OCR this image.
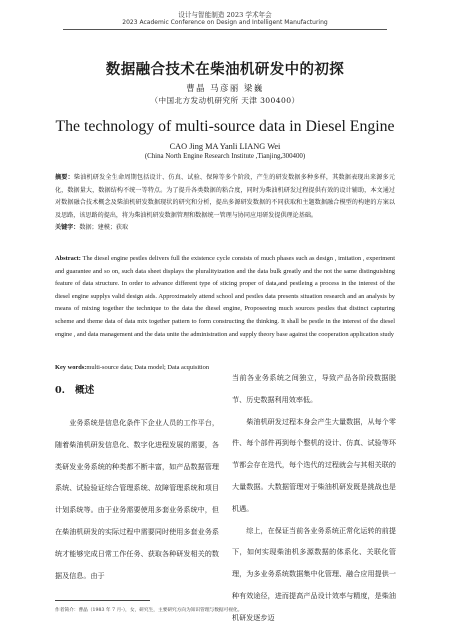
设计与智能制造 2023 学术年会
2023 Academic Conference on Design and Intelligent Manufacturing
数据融合技术在柴油机研发中的初探
曹晶 马彦丽 梁巍
（中国北方发动机研究所 天津 300400）
The technology of multi-source data in Diesel Engine
CAO Jing MA Yanli LIANG Wei
(China North Engine Research Institute ,Tianjing,300400)
摘要：柴油机研发全生命周期包括设计、仿真、试验、保障等多个阶段，产生的研发数据多种多样，其数据表现出来源多元化，数据量大，数据结构不统一等特点。为了提升各类数据的粘合度，同时为柴油机研发过程提供有效的设计辅助，本文通过对数据融合技术概念及柴油机研发数据现状的研究和分析，提出多源研发数据的不同获取和主题数据融合模型的构建的方案以及思路，该思路的提出，将为柴油机研发数据管理和数据统一管理与协同应用研发提供理论基础。
关键字：数据；建模；获取
Abstract: The diesel engine pestles delivers full the existence cycle consists of much phases such as design , imitation , experiment and guarantee and so on, such data sheet displays the pluralityization and the data bulk greatly and the not the same distinguishing feature of data structure. In order to advance different type of sticing proper of data,and pestleing a process in the interest of the diesel engine supplys valid design aids. Approximately attend school and pestles data presents situation research and an analysis by means of mixing together the technique to the data the diesel engine, Proposeeing much sources pestles that distinct capturing scheme and theme data of data mix together pattern to form constructing the thinking. It shall be pestle in the interest of the diesel engine , and data management and the data unite the administration and supply theory base against the cooperation application study
Key words:multi-source data; Data model; Data acquisition
0. 概述

业务系统是信息化条件下企业人员的工作平台，随着柴油机研发信息化、数字化进程发展的需要，各类研发业务系统的种类都不断丰富，如产品数据管理系统、试验验证综合管理系统、故障管理系统和项目计划系统等。由于业务需要使用多套业务系统中，但在柴油机研发的实际过程中需要同时使用多套业务系统才能够完成日常工作任务、获取各种研发相关的数据及信息。由于

当前各业务系统之间独立，导致产品各阶段数据脱节、历史数据利用效率低。

柴油机研发过程本身会产生大量数据，从每个零件、每个部件再到每个整机的设计、仿真、试验等环节都会存在迭代，每个迭代的过程就会与其相关联的大量数据。大数据管理对于柴油机研发既是挑战也是机遇。

综上，在保证当前各业务系统正常化运转的前提下，如何实现柴油机多源数据的体系化、关联化管理，为多业务系统数据集中化管理、融合应用提供一种有效途径，进而提高产品设计效率与精度，是柴油机研发逐步迈

作者简介：曹晶（1983 年 7 月-），女，研究生，主要研究方向为知识管理与数据可视化。
